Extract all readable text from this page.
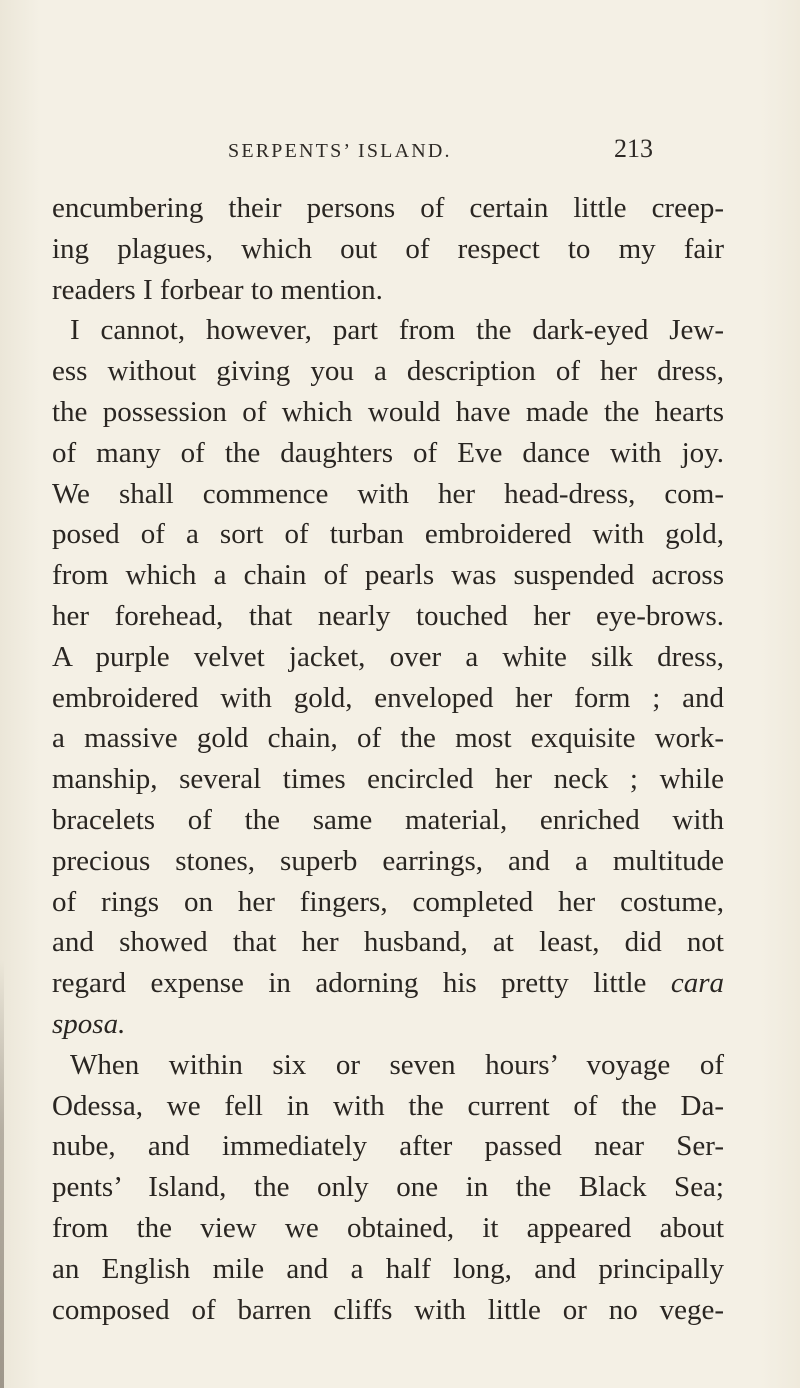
SERPENTS’ ISLAND.	213
encumbering their persons of certain little creep-
ing plagues, which out of respect to my fair
readers I forbear to mention.
I cannot, however, part from the dark-eyed Jew-
ess without giving you a description of her dress,
the possession of which would have made the hearts
of many of the daughters of Eve dance with joy.
We shall commence with her head-dress, com-
posed of a sort of turban embroidered with gold,
from which a chain of pearls was suspended across
her forehead, that nearly touched her eye-brows.
A purple velvet jacket, over a white silk dress,
embroidered with gold, enveloped her form ; and
a massive gold chain, of the most exquisite work-
manship, several times encircled her neck ; while
bracelets of the same material, enriched with
precious stones, superb earrings, and a multitude
of rings on her fingers, completed her costume,
and showed that her husband, at least, did not
regard expense in adorning his pretty little cara
sposa.
When within six or seven hours’ voyage of
Odessa, we fell in with the current of the Da-
nube, and immediately after passed near Ser-
pents’ Island, the only one in the Black Sea;
from the view we obtained, it appeared about
an English mile and a half long, and principally
composed of barren cliffs with little or no vege-
